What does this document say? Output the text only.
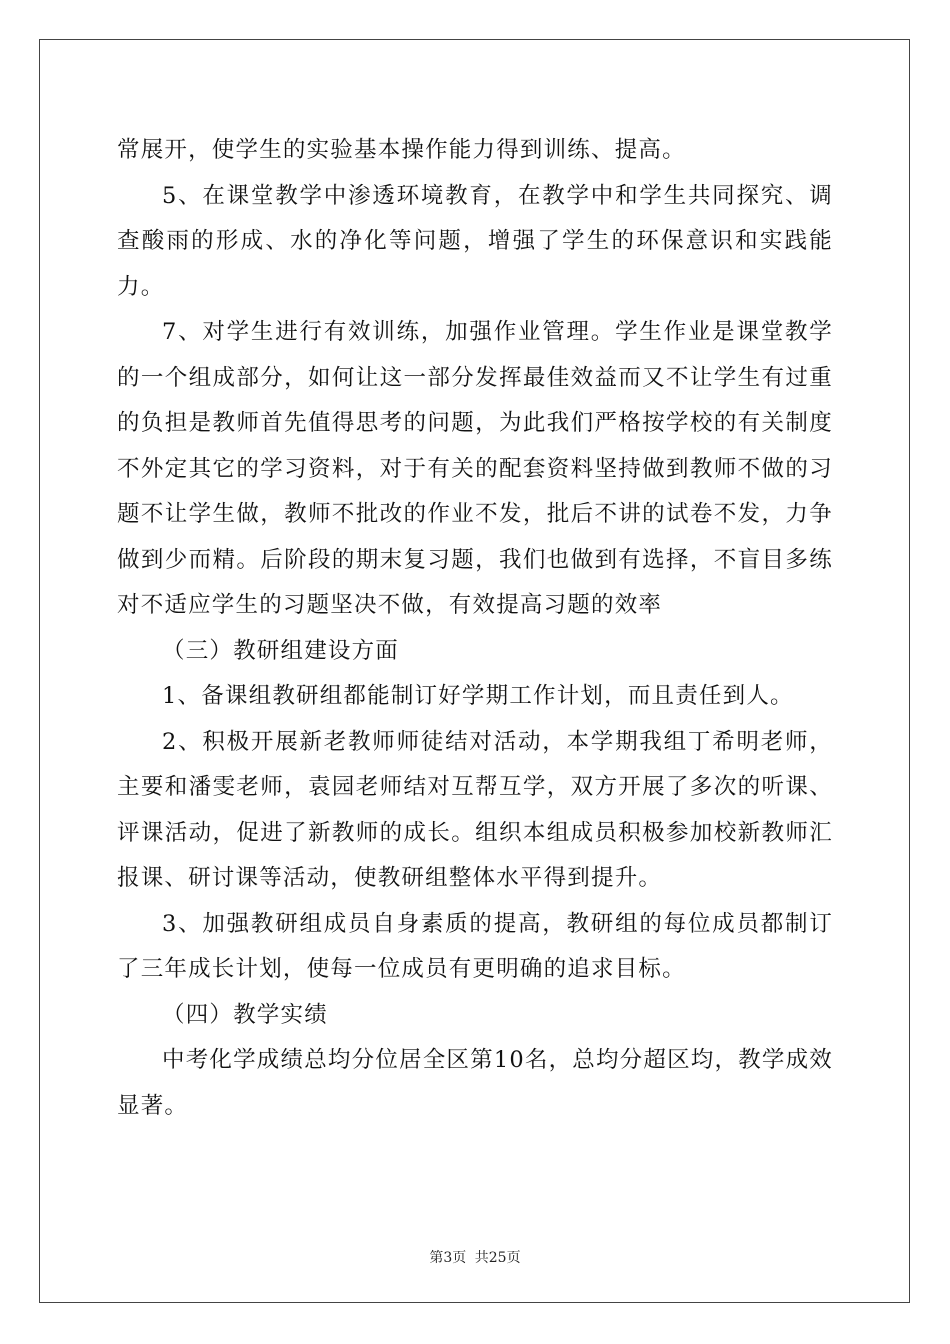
常展开，使学生的实验基本操作能力得到训练、提高。

5、在课堂教学中渗透环境教育，在教学中和学生共同探究、调查酸雨的形成、水的净化等问题，增强了学生的环保意识和实践能力。

7、对学生进行有效训练，加强作业管理。学生作业是课堂教学的一个组成部分，如何让这一部分发挥最佳效益而又不让学生有过重的负担是教师首先值得思考的问题，为此我们严格按学校的有关制度不外定其它的学习资料，对于有关的配套资料坚持做到教师不做的习题不让学生做，教师不批改的作业不发，批后不讲的试卷不发，力争做到少而精。后阶段的期末复习题，我们也做到有选择，不盲目多练对不适应学生的习题坚决不做，有效提高习题的效率

（三）教研组建设方面

1、备课组教研组都能制订好学期工作计划，而且责任到人。

2、积极开展新老教师师徒结对活动，本学期我组丁希明老师，主要和潘雯老师，袁园老师结对互帮互学，双方开展了多次的听课、评课活动，促进了新教师的成长。组织本组成员积极参加校新教师汇报课、研讨课等活动，使教研组整体水平得到提升。

3、加强教研组成员自身素质的提高，教研组的每位成员都制订了三年成长计划，使每一位成员有更明确的追求目标。

（四）教学实绩

中考化学成绩总均分位居全区第10名，总均分超区均，教学成效显著。

第3页 共25页
